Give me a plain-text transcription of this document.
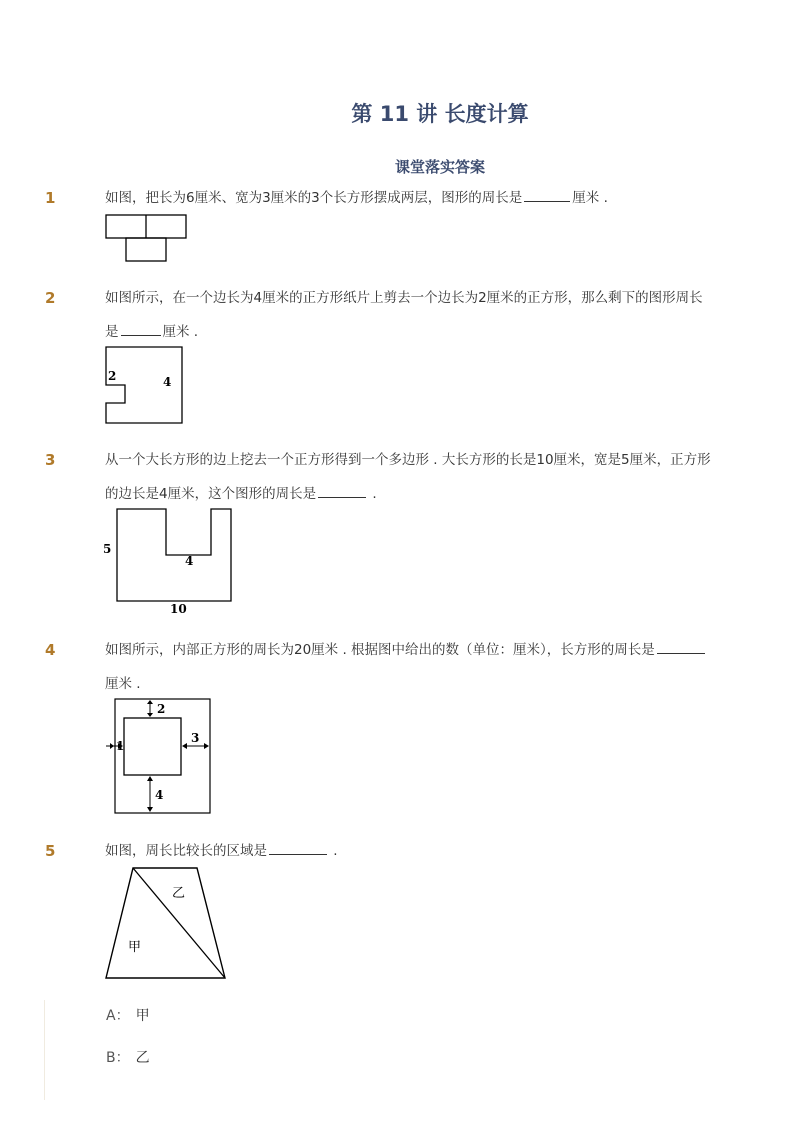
第 11 讲 长度计算
课堂落实答案
1	如图，把长为6厘米、宽为3厘米的3个长方形摆成两层，图形的周长是	厘米 .
2	如图所示，在一个边长为4厘米的正方形纸片上剪去一个边长为2厘米的正方形，那么剩下的图形周长是	厘米 .
2	4
3	从一个大长方形的边上挖去一个正方形得到一个多边形 . 大长方形的长是10厘米，宽是5厘米，正方形的边长是4厘米，这个图形的周长是	.
5
4
10
4	如图所示，内部正方形的周长为20厘米 . 根据图中给出的数（单位：厘米），长方形的周长是厘米 .
2
1
3
4
5	如图，周长比较长的区域是	.
乙
甲
A： 甲
B： 乙
